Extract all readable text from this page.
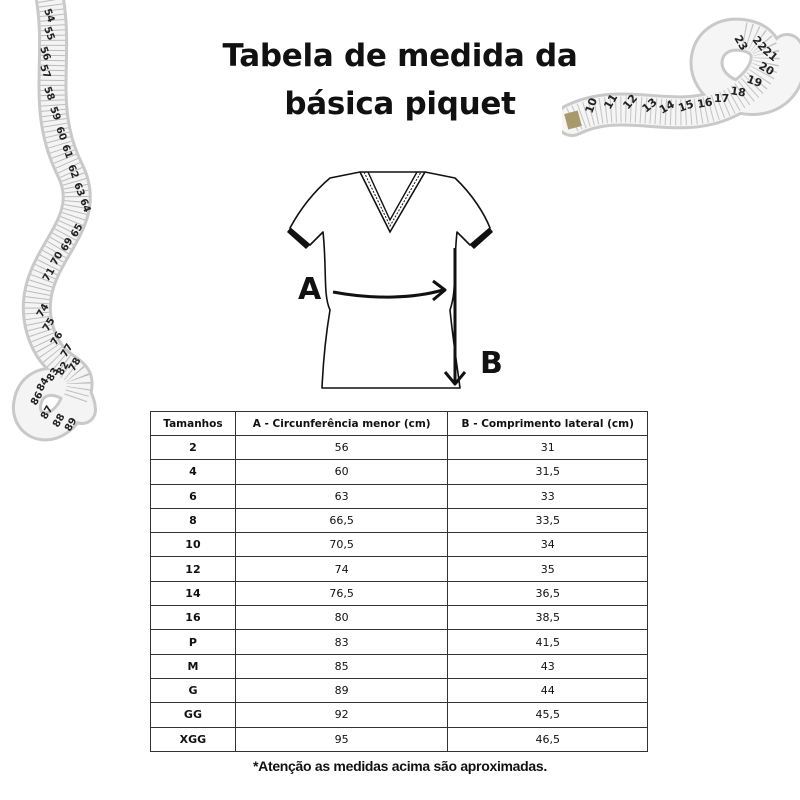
54
55
56
57
58
59
60
61
62
63
64
65
69
70
71
74
75
76
77
78
82
83
84
86
87
88
89
10 11 12 13
14 15 16 17 18
19
20
21
22
23
Tabela de medida da
básica piquet
A
B
Tamanhos	A - Circunferência menor (cm)	B - Comprimento lateral (cm)
2	56	31
4	60	31,5
6	63	33
8	66,5	33,5
10	70,5	34
12	74	35
14	76,5	36,5
16	80	38,5
P	83	41,5
M	85	43
G	89	44
GG	92	45,5
XGG	95	46,5
*Atenção as medidas acima são aproximadas.
